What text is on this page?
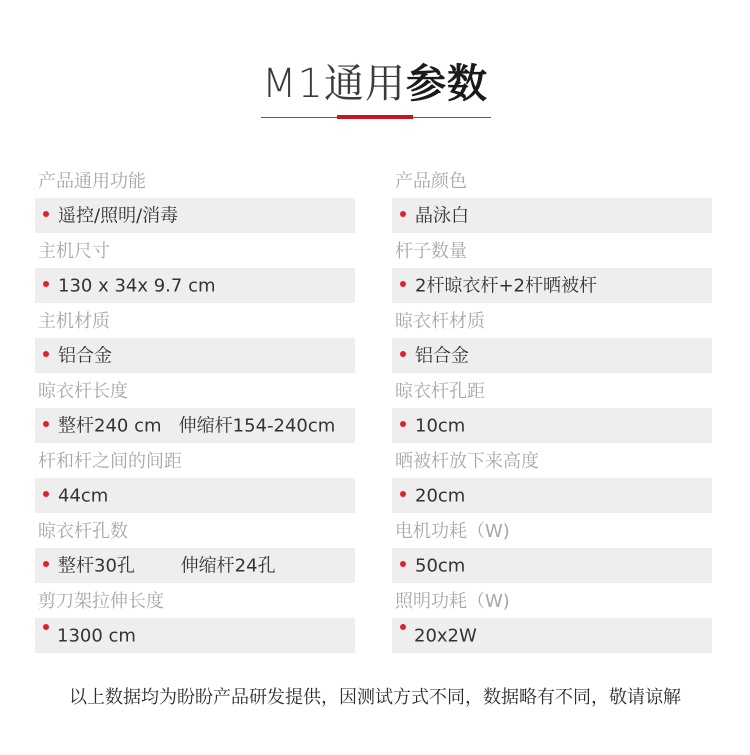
M1通用参数
产品通用功能
遥控/照明/消毒
主机尺寸
130 x 34x 9.7 cm
主机材质
铝合金
晾衣杆长度
整杆240 cm   伸缩杆154-240cm
杆和杆之间的间距
44cm
晾衣杆孔数
整杆30孔        伸缩杆24孔
剪刀架拉伸长度
1300 cm
产品颜色
晶泳白
杆子数量
2杆晾衣杆+2杆晒被杆
晾衣杆材质
铝合金
晾衣杆孔距
10cm
晒被杆放下来高度
20cm
电机功耗（W)
50cm
照明功耗（W)
20x2W
以上数据均为盼盼产品研发提供，因测试方式不同，数据略有不同，敬请谅解
